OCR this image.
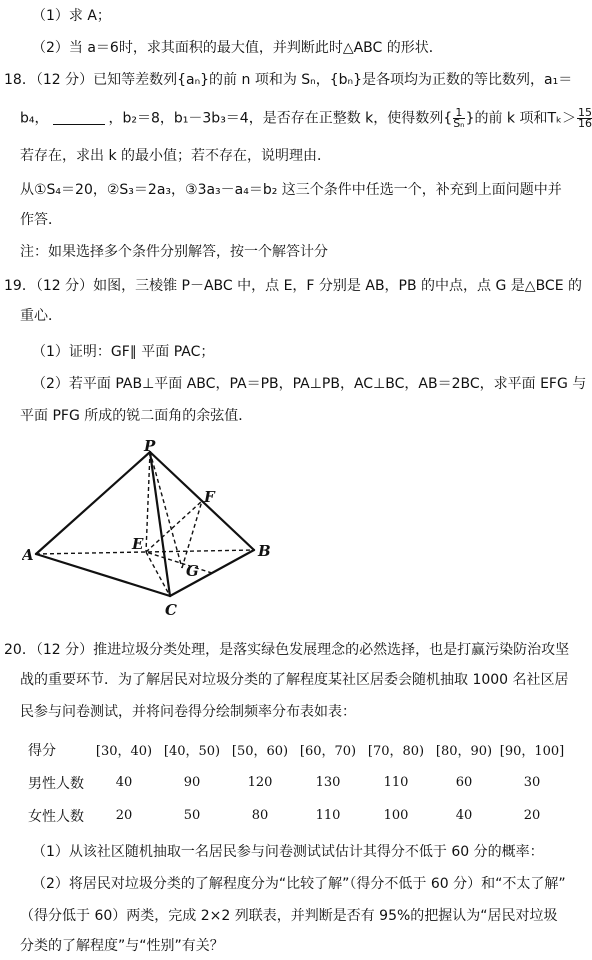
（1）求 A；
（2）当 a＝6时，求其面积的最大值，并判断此时△ABC 的形状．
18．（12 分）已知等差数列{aₙ}的前 n 项和为 Sₙ，{bₙ}是各项均为正数的等比数列，a₁＝
b₄，	，b₂＝8，b₁－3b₃＝4，是否存在正整数 k，使得数列{ $\frac{1}{\text{Sₙ}}$ }的前 k 项和$T_k> \frac{15}{16}$
若存在，求出 k 的最小值；若不存在，说明理由．
从①S₄＝20，②S₃＝2a₃，③3a₃－a₄＝b₂ 这三个条件中任选一个，补充到上面问题中并
作答．
注：如果选择多个条件分别解答，按一个解答计分
19．（12 分）如图，三棱锥 P－ABC 中，点 E，F 分别是 AB，PB 的中点，点 G 是△BCE 的
重心．
（1）证明：GF∥ 平面 PAC；
（2）若平面 PAB⊥平面 ABC，PA＝PB，PA⊥PB，AC⊥BC，AB＝2BC，求平面 EFG 与
平面 PFG 所成的锐二面角的余弦值．
P
A	B
C
E
F
G
20．（12 分）推进垃圾分类处理，是落实绿色发展理念的必然选择，也是打赢污染防治攻坚
战的重要环节．为了解居民对垃圾分类的了解程度某社区居委会随机抽取 1000 名社区居
民参与问卷测试，并将问卷得分绘制频率分布表如表：
得分	[30，40)	[40，50)	[50，60)	[60，70)	[70，80)	[80，90)	[90，100]
男性人数	40	90	120	130	110	60	30
女性人数	20	50	80	110	100	40	20
（1）从该社区随机抽取一名居民参与问卷测试试估计其得分不低于 60 分的概率：
（2）将居民对垃圾分类的了解程度分为“比较了解”（得分不低于 60 分）和“不太了解”
（得分低于 60）两类，完成 2×2 列联表，并判断是否有 95%的把握认为“居民对垃圾
分类的了解程度”与“性别”有关？
